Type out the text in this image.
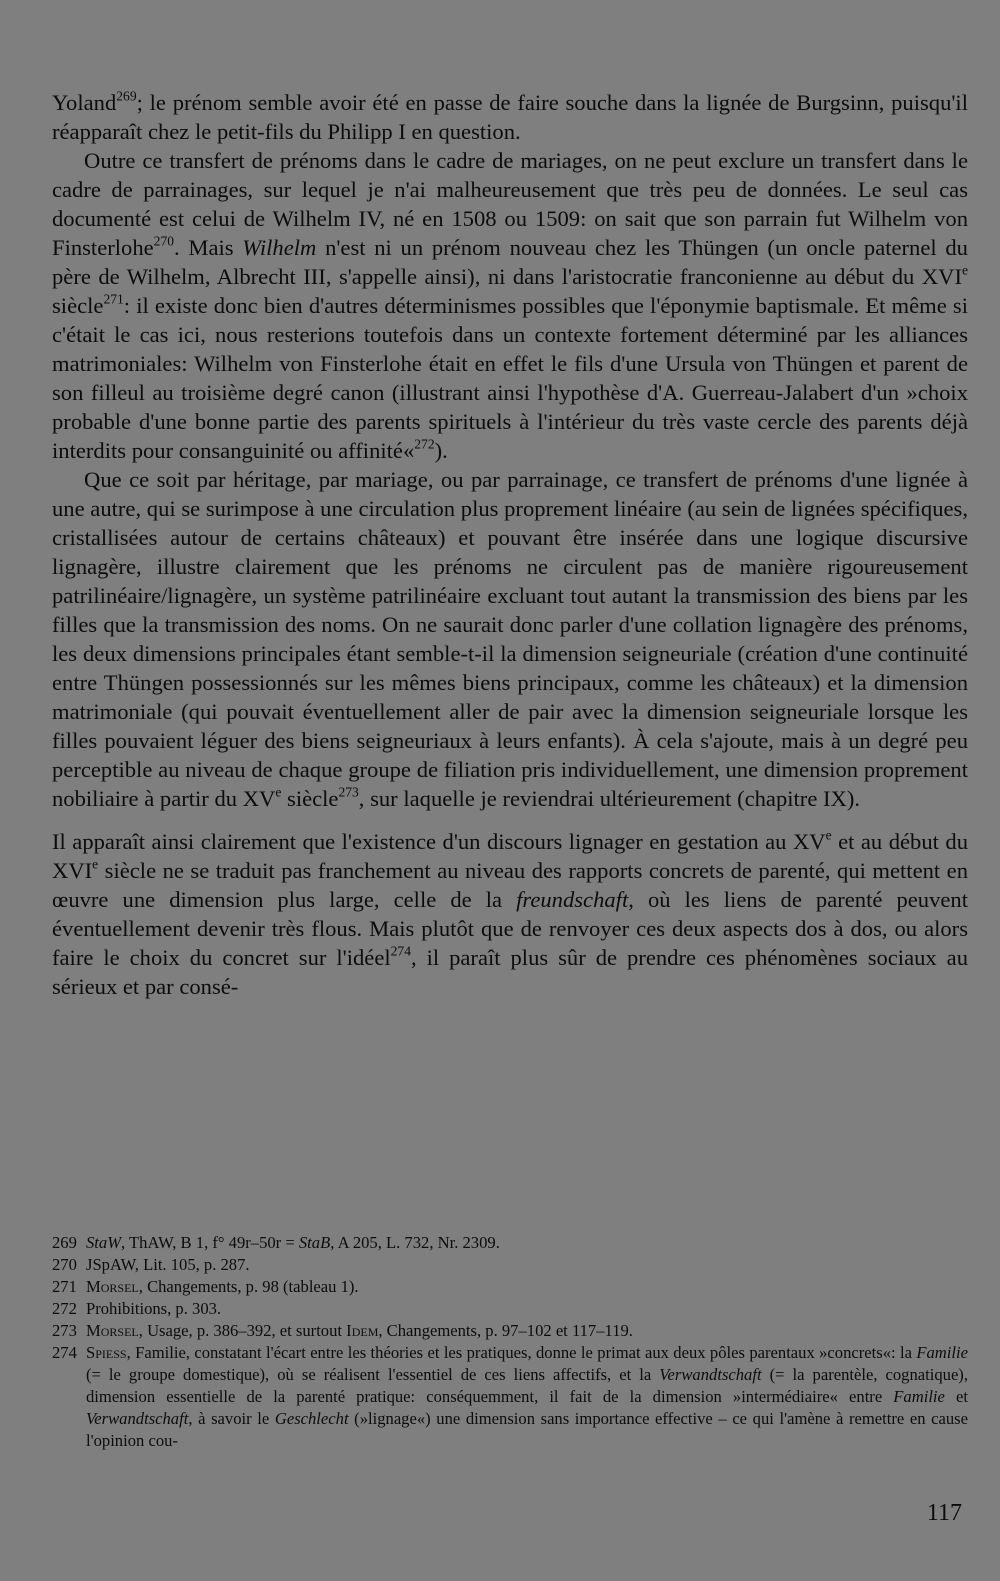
Yoland$^{269}$; le prénom semble avoir été en passe de faire souche dans la lignée de Burgsinn, puisqu'il réapparaît chez le petit-fils du Philipp I en question.

Outre ce transfert de prénoms dans le cadre de mariages, on ne peut exclure un transfert dans le cadre de parrainages, sur lequel je n'ai malheureusement que très peu de données. Le seul cas documenté est celui de Wilhelm IV, né en 1508 ou 1509: on sait que son parrain fut Wilhelm von Finsterlohe$^{270}$. Mais Wilhelm n'est ni un prénom nouveau chez les Thüngen (un oncle paternel du père de Wilhelm, Albrecht III, s'appelle ainsi), ni dans l'aristocratie franconienne au début du XVIe siècle$^{271}$: il existe donc bien d'autres déterminismes possibles que l'éponymie baptismale. Et même si c'était le cas ici, nous resterions toutefois dans un contexte fortement déterminé par les alliances matrimoniales: Wilhelm von Finsterlohe était en effet le fils d'une Ursula von Thüngen et parent de son filleul au troisième degré canon (illustrant ainsi l'hypothèse d'A. Guerreau-Jalabert d'un »choix probable d'une bonne partie des parents spirituels à l'intérieur du très vaste cercle des parents déjà interdits pour consanguinité ou affinité«$^{272}$).

Que ce soit par héritage, par mariage, ou par parrainage, ce transfert de prénoms d'une lignée à une autre, qui se surimpose à une circulation plus proprement linéaire (au sein de lignées spécifiques, cristallisées autour de certains châteaux) et pouvant être insérée dans une logique discursive lignagère, illustre clairement que les prénoms ne circulent pas de manière rigoureusement patrilinéaire/lignagère, un système patrilinéaire excluant tout autant la transmission des biens par les filles que la transmission des noms. On ne saurait donc parler d'une collation lignagère des prénoms, les deux dimensions principales étant semble-t-il la dimension seigneuriale (création d'une continuité entre Thüngen possessionnés sur les mêmes biens principaux, comme les châteaux) et la dimension matrimoniale (qui pouvait éventuellement aller de pair avec la dimension seigneuriale lorsque les filles pouvaient léguer des biens seigneuriaux à leurs enfants). À cela s'ajoute, mais à un degré peu perceptible au niveau de chaque groupe de filiation pris individuellement, une dimension proprement nobiliaire à partir du XVe siècle$^{273}$, sur laquelle je reviendrai ultérieurement (chapitre IX).

Il apparaît ainsi clairement que l'existence d'un discours lignager en gestation au XVe et au début du XVIe siècle ne se traduit pas franchement au niveau des rapports concrets de parenté, qui mettent en œuvre une dimension plus large, celle de la freundschaft, où les liens de parenté peuvent éventuellement devenir très flous. Mais plutôt que de renvoyer ces deux aspects dos à dos, ou alors faire le choix du concret sur l'idéel$^{274}$, il paraît plus sûr de prendre ces phénomènes sociaux au sérieux et par consé-

269 StaW, ThAW, B 1, f° 49r–50r = StaB, A 205, L. 732, Nr. 2309.
270 JSpAW, Lit. 105, p. 287.
271 Morsel, Changements, p. 98 (tableau 1).
272 Prohibitions, p. 303.
273 Morsel, Usage, p. 386–392, et surtout Idem, Changements, p. 97–102 et 117–119.
274 Spiess, Familie, constatant l'écart entre les théories et les pratiques, donne le primat aux deux pôles parentaux »concrets«: la Familie (= le groupe domestique), où se réalisent l'essentiel de ces liens affectifs, et la Verwandtschaft (= la parentèle, cognatique), dimension essentielle de la parenté pratique: conséquemment, il fait de la dimension »intermédiaire« entre Familie et Verwandtschaft, à savoir le Geschlecht (»lignage«) une dimension sans importance effective – ce qui l'amène à remettre en cause l'opinion cou-
117
